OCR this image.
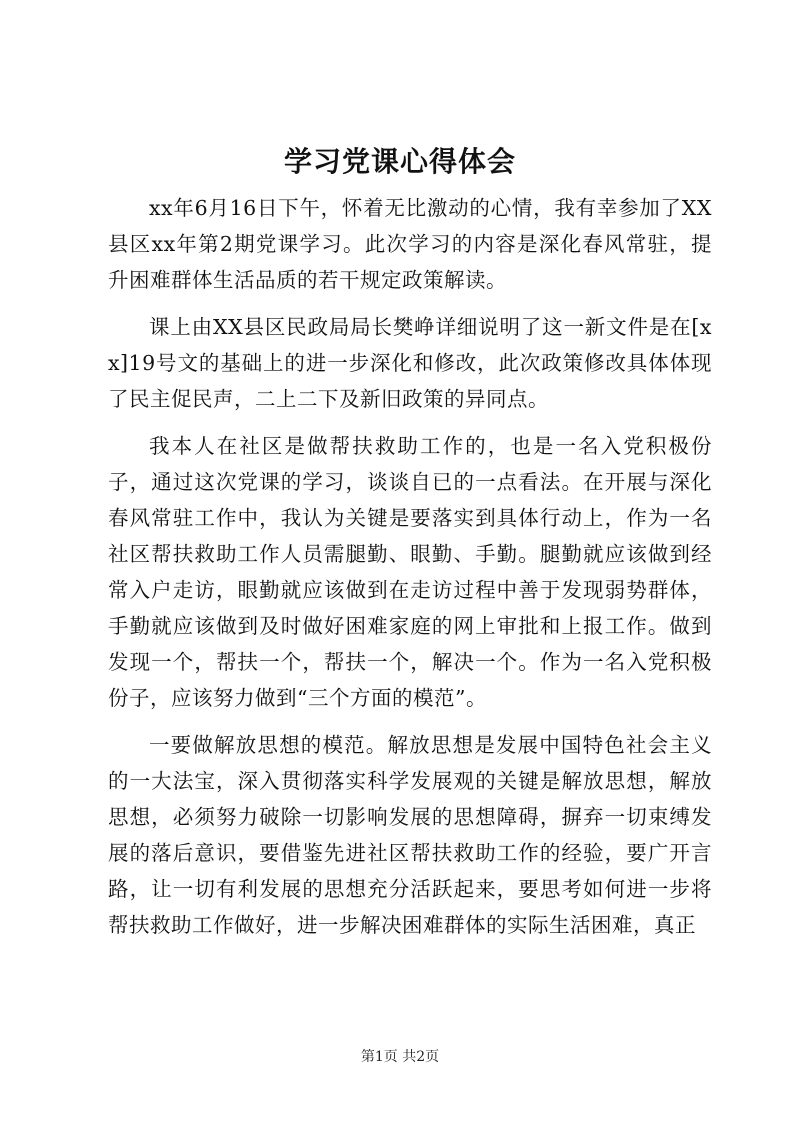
学习党课心得体会

xx年6月16日下午，怀着无比激动的心情，我有幸参加了XX县区xx年第2期党课学习。此次学习的内容是深化春风常驻，提升困难群体生活品质的若干规定政策解读。

课上由XX县区民政局局长樊峥详细说明了这一新文件是在[xx]19号文的基础上的进一步深化和修改，此次政策修改具体体现了民主促民声，二上二下及新旧政策的异同点。

我本人在社区是做帮扶救助工作的，也是一名入党积极份子，通过这次党课的学习，谈谈自已的一点看法。在开展与深化春风常驻工作中，我认为关键是要落实到具体行动上，作为一名社区帮扶救助工作人员需腿勤、眼勤、手勤。腿勤就应该做到经常入户走访，眼勤就应该做到在走访过程中善于发现弱势群体，手勤就应该做到及时做好困难家庭的网上审批和上报工作。做到发现一个，帮扶一个，帮扶一个，解决一个。作为一名入党积极份子，应该努力做到“三个方面的模范”。

一要做解放思想的模范。解放思想是发展中国特色社会主义的一大法宝，深入贯彻落实科学发展观的关键是解放思想，解放思想，必须努力破除一切影响发展的思想障碍，摒弃一切束缚发展的落后意识，要借鉴先进社区帮扶救助工作的经验，要广开言路，让一切有利发展的思想充分活跃起来，要思考如何进一步将帮扶救助工作做好，进一步解决困难群体的实际生活困难，真正

第1页 共2页
